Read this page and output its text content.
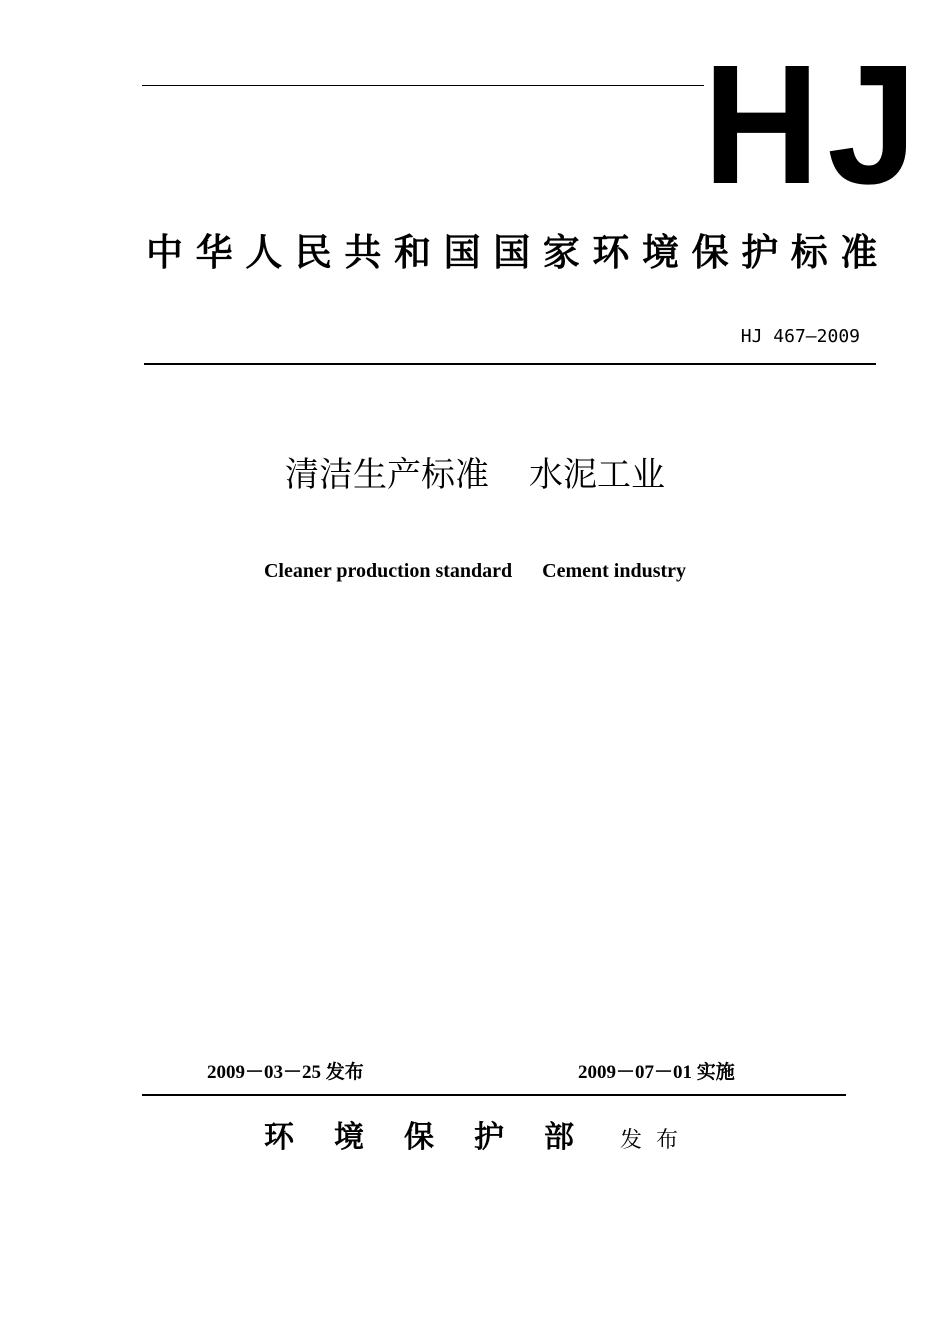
HJ
中华人民共和国国家环境保护标准
HJ 467—2009
清洁生产标准 水泥工业
Cleaner production standard Cement industry
2009－03－25 发布	2009－07－01 实施
环境保护部 发布
